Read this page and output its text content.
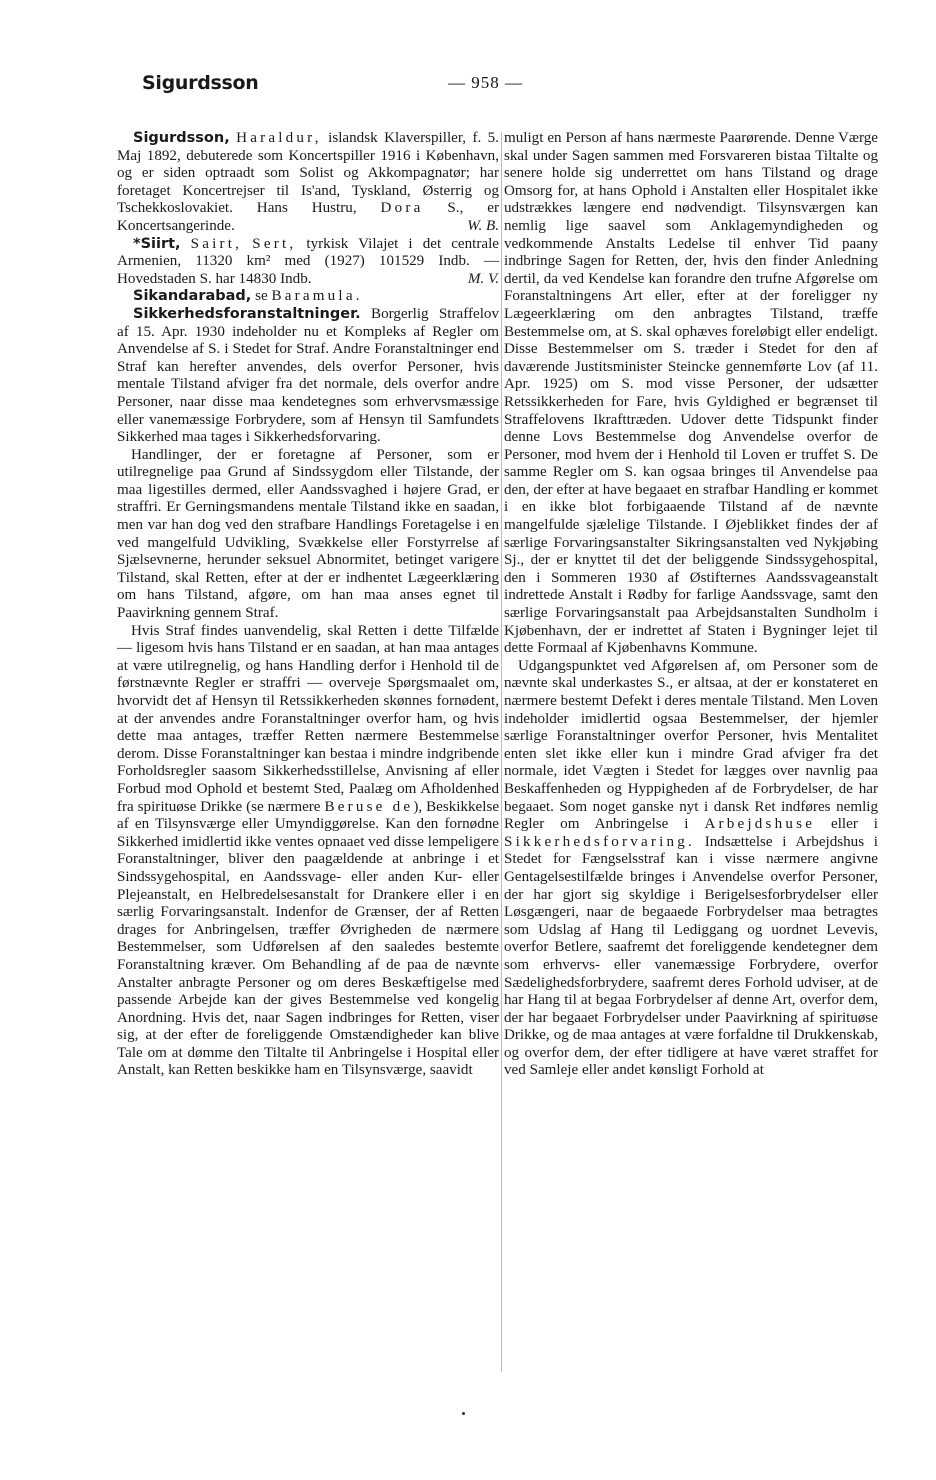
Sigurdsson	— 958 —

Sigurdsson, Haraldur, islandsk Klaverspiller, f. 5. Maj 1892, debuterede som Koncertspiller 1916 i København, og er siden optraadt som Solist og Akkompagnatør; har foretaget Koncertrejser til Is'and, Tyskland, Østerrig og Tschekkoslovakiet. Hans Hustru, Dora S., er Koncertsangerinde.	W. B.

*Siirt, Sairt, Sert, tyrkisk Vilajet i det centrale Armenien, 11320 km² med (1927) 101529 Indb. — Hovedstaden S. har 14830 Indb.	M. V.

Sikandarabad, se Baramula.

Sikkerhedsforanstaltninger. Borgerlig Straffelov af 15. Apr. 1930 indeholder nu et Kompleks af Regler om Anvendelse af S. i Stedet for Straf. Andre Foranstaltninger end Straf kan herefter anvendes, dels overfor Personer, hvis mentale Tilstand afviger fra det normale, dels overfor andre Personer, naar disse maa kendetegnes som erhvervsmæssige eller vanemæssige Forbrydere, som af Hensyn til Samfundets Sikkerhed maa tages i Sikkerhedsforvaring.

Handlinger, der er foretagne af Personer, som er utilregnelige paa Grund af Sindssygdom eller Tilstande, der maa ligestilles dermed, eller Aandssvaghed i højere Grad, er straffri. Er Gerningsmandens mentale Tilstand ikke en saadan, men var han dog ved den strafbare Handlings Foretagelse i en ved mangelfuld Udvikling, Svækkelse eller Forstyrrelse af Sjælsevnerne, herunder seksuel Abnormitet, betinget varigere Tilstand, skal Retten, efter at der er indhentet Lægeerklæring om hans Tilstand, afgøre, om han maa anses egnet til Paavirkning gennem Straf.

Hvis Straf findes uanvendelig, skal Retten i dette Tilfælde — ligesom hvis hans Tilstand er en saadan, at han maa antages at være utilregnelig, og hans Handling derfor i Henhold til de førstnævnte Regler er straffri — overveje Spørgsmaalet om, hvorvidt det af Hensyn til Retssikkerheden skønnes fornødent, at der anvendes andre Foranstaltninger overfor ham, og hvis dette maa antages, træffer Retten nærmere Bestemmelse derom. Disse Foranstaltninger kan bestaa i mindre indgribende Forholdsregler saasom Sikkerhedsstillelse, Anvisning af eller Forbud mod Ophold et bestemt Sted, Paalæg om Afholdenhed fra spirituøse Drikke (se nærmere Beruse de), Beskikkelse af en Tilsynsværge eller Umyndiggørelse. Kan den fornødne Sikkerhed imidlertid ikke ventes opnaaet ved disse lempeligere Foranstaltninger, bliver den paagældende at anbringe i et Sindssygehospital, en Aandssvage- eller anden Kur- eller Plejeanstalt, en Helbredelsesanstalt for Drankere eller i en særlig Forvaringsanstalt. Indenfor de Grænser, der af Retten drages for Anbringelsen, træffer Øvrigheden de nærmere Bestemmelser, som Udførelsen af den saaledes bestemte Foranstaltning kræver. Om Behandling af de paa de nævnte Anstalter anbragte Personer og om deres Beskæftigelse med passende Arbejde kan der gives Bestemmelse ved kongelig Anordning. Hvis det, naar Sagen indbringes for Retten, viser sig, at der efter de foreliggende Omstændigheder kan blive Tale om at dømme den Tiltalte til Anbringelse i Hospital eller Anstalt, kan Retten beskikke ham en Tilsynsværge, saavidt

muligt en Person af hans nærmeste Paarørende. Denne Værge skal under Sagen sammen med Forsvareren bistaa Tiltalte og senere holde sig underrettet om hans Tilstand og drage Omsorg for, at hans Ophold i Anstalten eller Hospitalet ikke udstrækkes længere end nødvendigt. Tilsynsværgen kan nemlig lige saavel som Anklagemyndigheden og vedkommende Anstalts Ledelse til enhver Tid paany indbringe Sagen for Retten, der, hvis den finder Anledning dertil, da ved Kendelse kan forandre den trufne Afgørelse om Foranstaltningens Art eller, efter at der foreligger ny Lægeerklæring om den anbragtes Tilstand, træffe Bestemmelse om, at S. skal ophæves foreløbigt eller endeligt. Disse Bestemmelser om S. træder i Stedet for den af daværende Justitsminister Steincke gennemførte Lov (af 11. Apr. 1925) om S. mod visse Personer, der udsætter Retssikkerheden for Fare, hvis Gyldighed er begrænset til Straffelovens Ikrafttræden. Udover dette Tidspunkt finder denne Lovs Bestemmelse dog Anvendelse overfor de Personer, mod hvem der i Henhold til Loven er truffet S. De samme Regler om S. kan ogsaa bringes til Anvendelse paa den, der efter at have begaaet en strafbar Handling er kommet i en ikke blot forbigaaende Tilstand af de nævnte mangelfulde sjælelige Tilstande. I Øjeblikket findes der af særlige Forvaringsanstalter Sikringsanstalten ved Nykjøbing Sj., der er knyttet til det der beliggende Sindssygehospital, den i Sommeren 1930 af Østifternes Aandssvageanstalt indrettede Anstalt i Rødby for farlige Aandssvage, samt den særlige Forvaringsanstalt paa Arbejdsanstalten Sundholm i Kjøbenhavn, der er indrettet af Staten i Bygninger lejet til dette Formaal af Kjøbenhavns Kommune.

Udgangspunktet ved Afgørelsen af, om Personer som de nævnte skal underkastes S., er altsaa, at der er konstateret en nærmere bestemt Defekt i deres mentale Tilstand. Men Loven indeholder imidlertid ogsaa Bestemmelser, der hjemler særlige Foranstaltninger overfor Personer, hvis Mentalitet enten slet ikke eller kun i mindre Grad afviger fra det normale, idet Vægten i Stedet for lægges over navnlig paa Beskaffenheden og Hyppigheden af de Forbrydelser, de har begaaet. Som noget ganske nyt i dansk Ret indføres nemlig Regler om Anbringelse i Arbejdshuse eller i Sikkerhedsforvaring. Indsættelse i Arbejdshus i Stedet for Fængselsstraf kan i visse nærmere angivne Gentagelsestilfælde bringes i Anvendelse overfor Personer, der har gjort sig skyldige i Berigelsesforbrydelser eller Løsgængeri, naar de begaaede Forbrydelser maa betragtes som Udslag af Hang til Lediggang og uordnet Levevis, overfor Betlere, saafremt det foreliggende kendetegner dem som erhvervs- eller vanemæssige Forbrydere, overfor Sædelighedsforbrydere, saafremt deres Forhold udviser, at de har Hang til at begaa Forbrydelser af denne Art, overfor dem, der har begaaet Forbrydelser under Paavirkning af spirituøse Drikke, og de maa antages at være forfaldne til Drukkenskab, og overfor dem, der efter tidligere at have været straffet for ved Samleje eller andet kønsligt Forhold at
